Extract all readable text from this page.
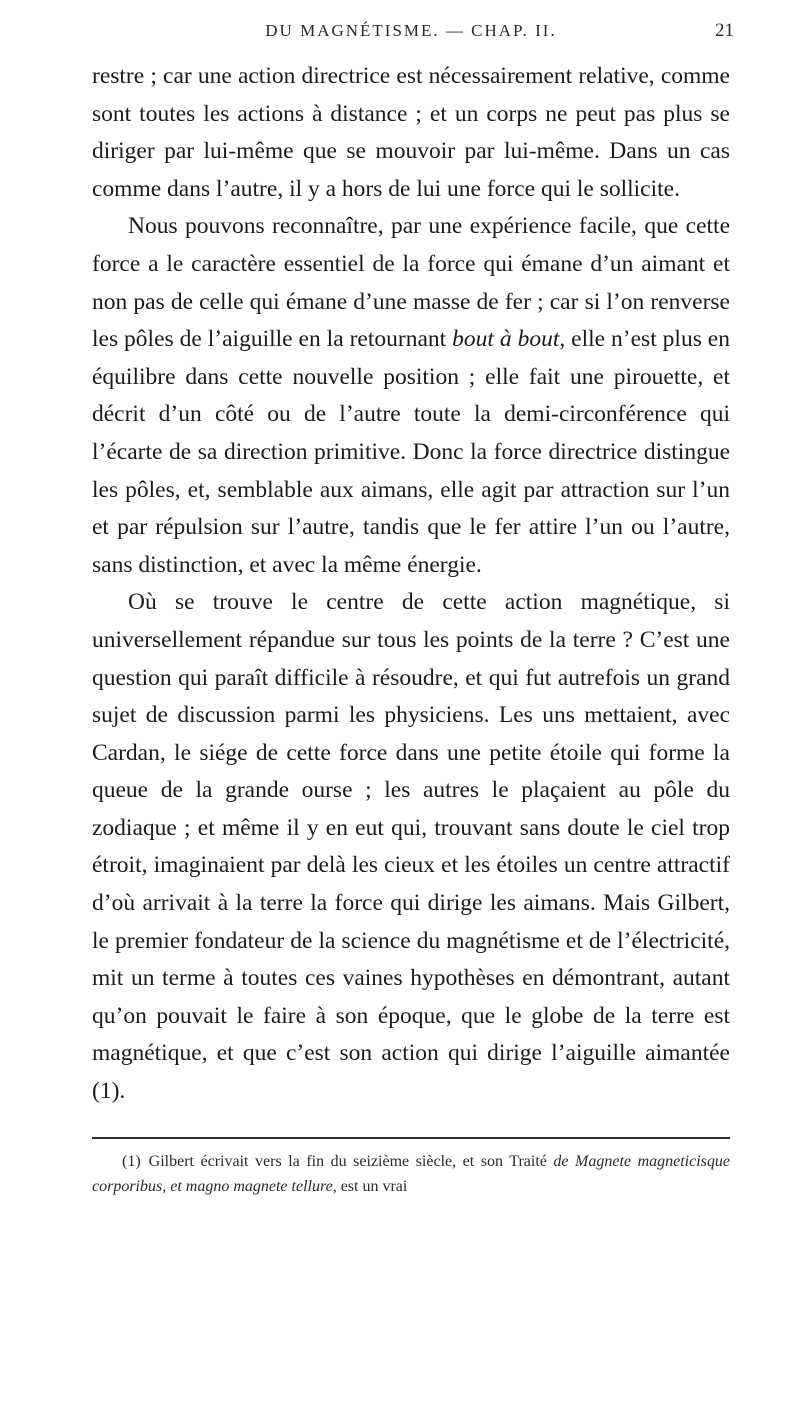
DU MAGNÉTISME. — CHAP. II.	21

restre ; car une action directrice est nécessairement relative, comme sont toutes les actions à distance ; et un corps ne peut pas plus se diriger par lui-même que se mouvoir par lui-même. Dans un cas comme dans l’autre, il y a hors de lui une force qui le sollicite.

Nous pouvons reconnaître, par une expérience facile, que cette force a le caractère essentiel de la force qui émane d’un aimant et non pas de celle qui émane d’une masse de fer ; car si l’on renverse les pôles de l’aiguille en la retournant bout à bout, elle n’est plus en équilibre dans cette nouvelle position ; elle fait une pirouette, et décrit d’un côté ou de l’autre toute la demi-circonférence qui l’écarte de sa direction primitive. Donc la force directrice distingue les pôles, et, semblable aux aimans, elle agit par attraction sur l’un et par répulsion sur l’autre, tandis que le fer attire l’un ou l’autre, sans distinction, et avec la même énergie.

Où se trouve le centre de cette action magnétique, si universellement répandue sur tous les points de la terre ? C’est une question qui paraît difficile à résoudre, et qui fut autrefois un grand sujet de discussion parmi les physiciens. Les uns mettaient, avec Cardan, le siége de cette force dans une petite étoile qui forme la queue de la grande ourse ; les autres le plaçaient au pôle du zodiaque ; et même il y en eut qui, trouvant sans doute le ciel trop étroit, imaginaient par delà les cieux et les étoiles un centre attractif d’où arrivait à la terre la force qui dirige les aimans. Mais Gilbert, le premier fondateur de la science du magnétisme et de l’électricité, mit un terme à toutes ces vaines hypothèses en démontrant, autant qu’on pouvait le faire à son époque, que le globe de la terre est magnétique, et que c’est son action qui dirige l’aiguille aimantée (1).

(1) Gilbert écrivait vers la fin du seizième siècle, et son Traité de Magnete magneticisque corporibus, et magno magnete tellure, est un vrai
